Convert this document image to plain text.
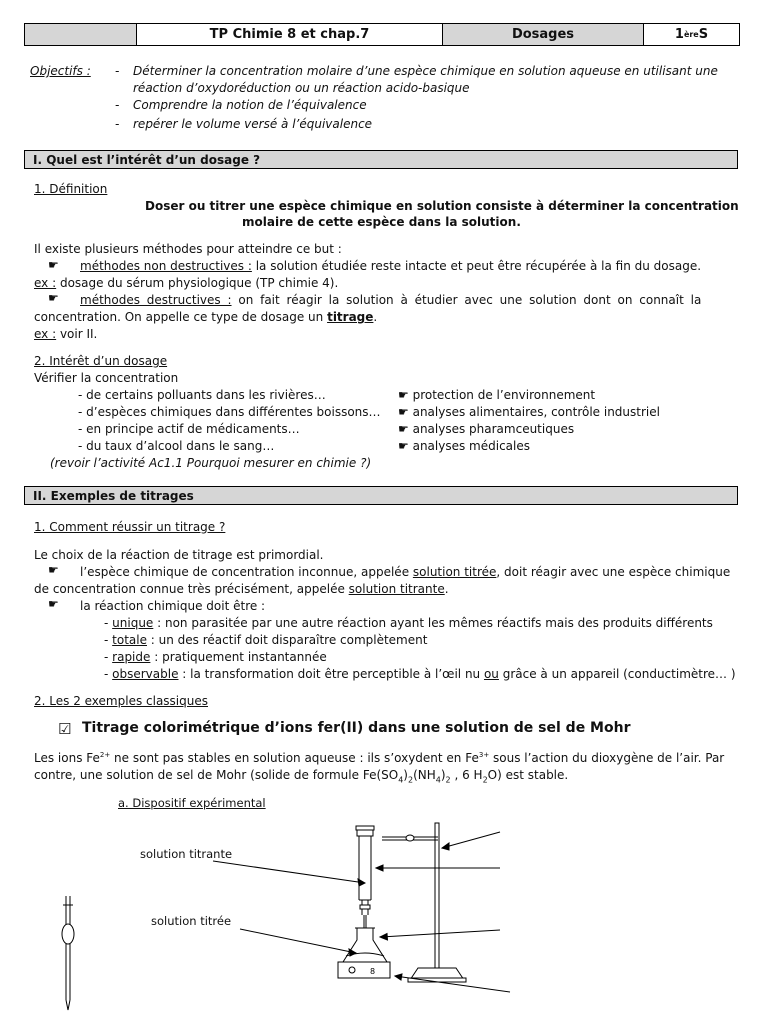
TP Chimie 8 et chap.7	Dosages	1 ère S
Objectifs : - Déterminer la concentration molaire d’une espèce chimique en solution aqueuse en utilisant une
réaction d’oxydoréduction ou un réaction acido-basique
- Comprendre la notion de l’équivalence
- repérer le volume versé à l’équivalence
I. Quel est l’intérêt d’un dosage ?
1. Définition
Doser ou titrer une espèce chimique en solution consiste à déterminer la concentration
molaire de cette espèce dans la solution.
Il existe plusieurs méthodes pour atteindre ce but :
☛ méthodes non destructives : la solution étudiée reste intacte et peut être récupérée à la fin du dosage.
ex : dosage du sérum physiologique (TP chimie 4).
☛ méthodes destructives : on fait réagir la solution à étudier avec une solution dont on connaît la
concentration. On appelle ce type de dosage un titrage.
ex : voir II.
2. Intérêt d’un dosage
Vérifier la concentration
- de certains polluants dans les rivières…
- d’espèces chimiques dans différentes boissons…
- en principe actif de médicaments…
- du taux d’alcool dans le sang…
☛ protection de l’environnement
☛ analyses alimentaires, contrôle industriel
☛ analyses pharamceutiques
☛ analyses médicales
(revoir l’activité Ac1.1 Pourquoi mesurer en chimie ?)
II. Exemples de titrages
1. Comment réussir un titrage ?
Le choix de la réaction de titrage est primordial.
☛ l’espèce chimique de concentration inconnue, appelée solution titrée, doit réagir avec une espèce chimique
de concentration connue très précisément, appelée solution titrante.
☛ la réaction chimique doit être :
- unique : non parasitée par une autre réaction ayant les mêmes réactifs mais des produits différents
- totale : un des réactif doit disparaître complètement
- rapide : pratiquement instantannée
- observable : la transformation doit être perceptible à l’œil nu ou grâce à un appareil (conductimètre… )
2. Les 2 exemples classiques
☑ Titrage colorimétrique d’ions fer(II) dans une solution de sel de Mohr
Les ions $Fe^{2+}$ ne sont pas stables en solution aqueuse : ils s’oxydent en $Fe^{3+}$ sous l’action du dioxygène de l’air. Par
contre, une solution de sel de Mohr (solide de formule $Fe(SO_4)_2(NH_4)_2$ , 6 $H_2O$) est stable.
a. Dispositif expérimental
solution titrante
solution titrée
8
